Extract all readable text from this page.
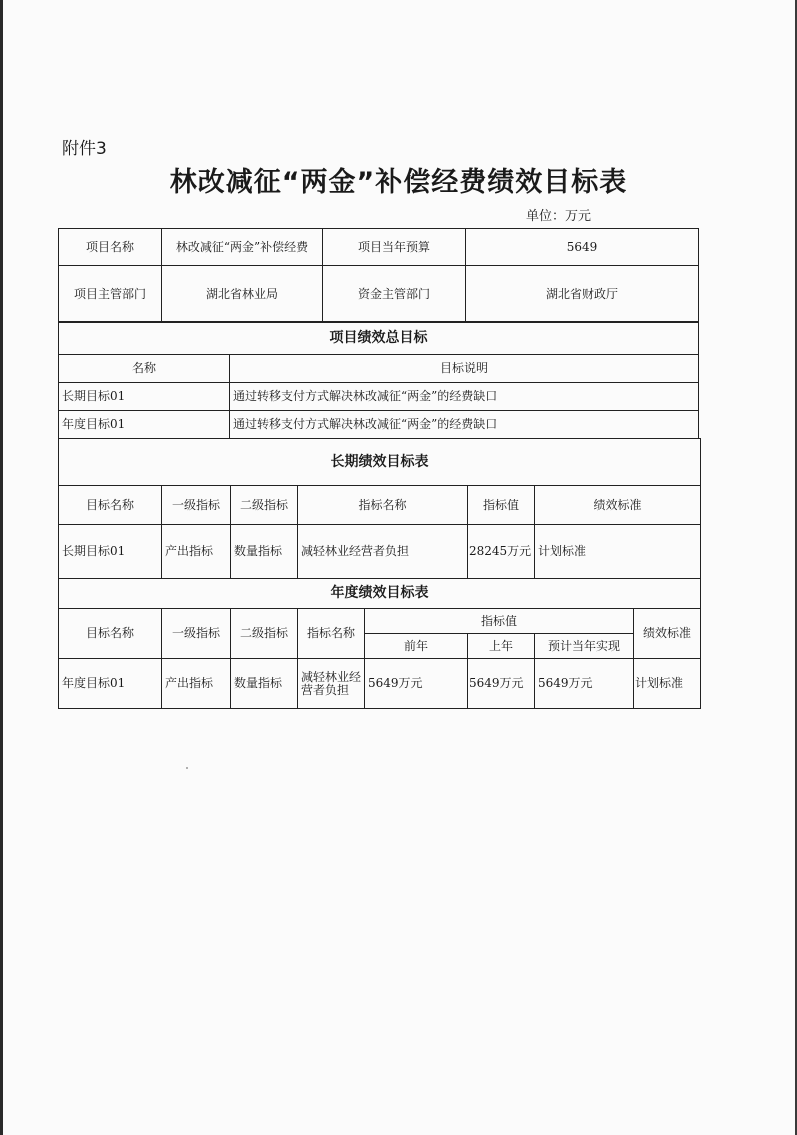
附件3
林改减征“两金”补偿经费绩效目标表
单位：万元
项目名称	林改减征“两金”补偿经费	项目当年预算	5649
项目主管部门	湖北省林业局	资金主管部门	湖北省财政厅
项目绩效总目标	
名称	目标说明
长期目标01	通过转移支付方式解决林改减征“两金”的经费缺口
年度目标01	通过转移支付方式解决林改减征“两金”的经费缺口
长期绩效目标表					
目标名称	一级指标	二级指标	指标名称	指标值	绩效标准
长期目标01	产出指标	数量指标	减轻林业经营者负担	28245万元	计划标准
年度绩效目标表							
目标名称	一级指标	二级指标	指标名称	指标值			绩效标准
				前年	上年	预计当年实现	
年度目标01	产出指标	数量指标	减轻林业经营者负担	5649万元	5649万元	5649万元	计划标准
